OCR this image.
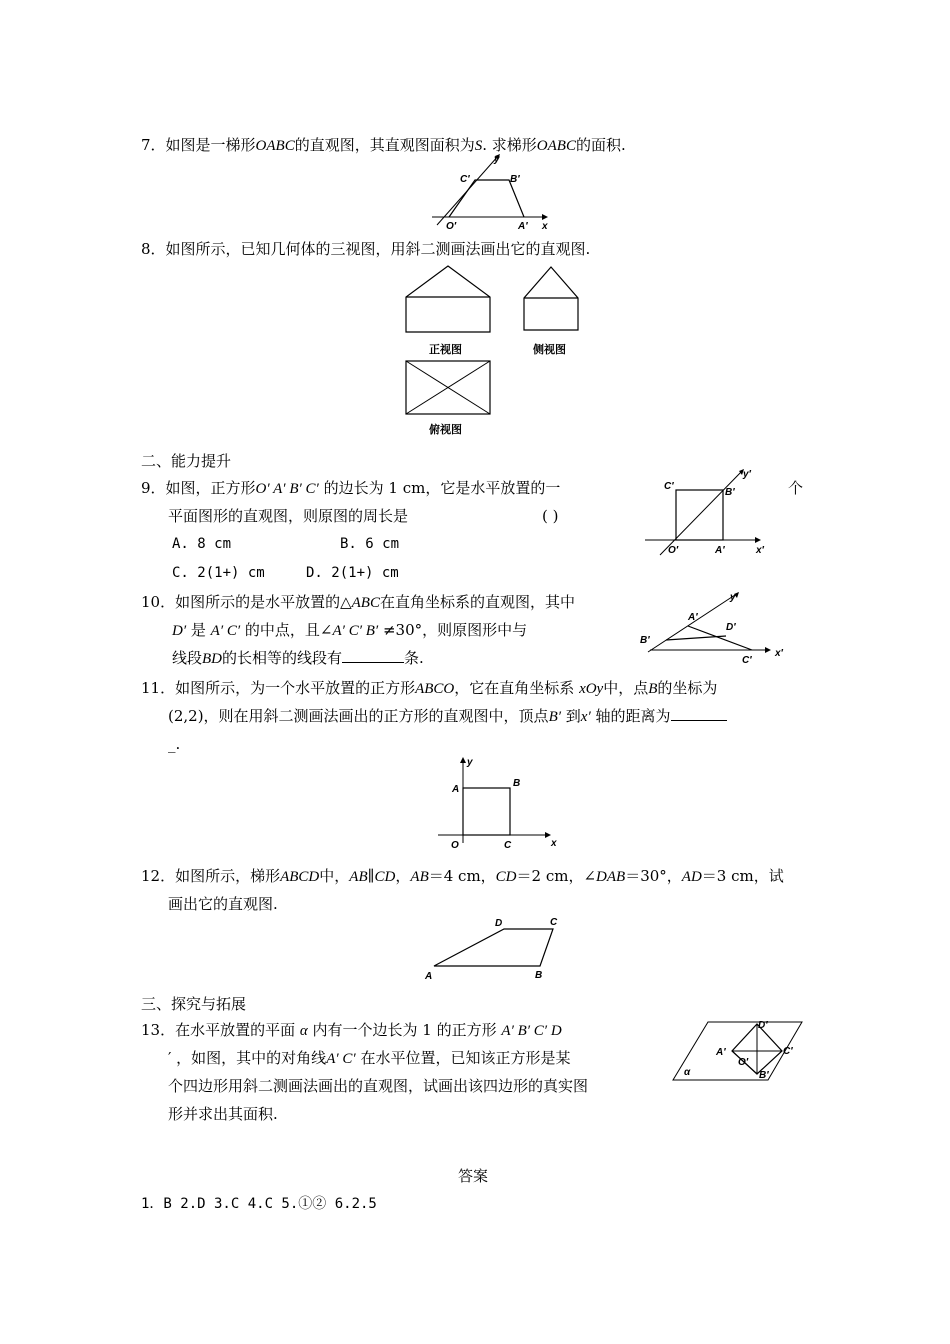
7．如图是一梯形OABC的直观图，其直观图面积为S. 求梯形OABC的面积.
y
C′	B′
O′	A′ x
8．如图所示，已知几何体的三视图，用斜二测画法画出它的直观图.
正视图	侧视图
俯视图
二、能力提升
9．如图，正方形O′ A′ B′ C′ 的边长为 1 cm，它是水平放置的一	个
平面图形的直观图，则原图的周长是	( )
A. 8 cm	B. 6 cm
C. 2(1+) cm	D. 2(1+) cm
C′
B′
O′	A′	x′
y′
10．如图所示的是水平放置的△ABC在直角坐标系的直观图，其中
D′ 是 A′ C′ 的中点，且∠A′ C′ B′ ≠30°，则原图形中与
线段BD的长相等的线段有	条.
A′
y′
D′
B′
C′
x′
11．如图所示，为一个水平放置的正方形ABCO，它在直角坐标系 xOy中，点B的坐标为
(2,2)，则在用斜二测画法画出的正方形的直观图中，顶点B′ 到x′ 轴的距离为
_.
y
A
B
O	C	x
12．如图所示，梯形ABCD中，AB∥CD，AB＝4 cm，CD＝2 cm，∠DAB＝30°，AD＝3 cm，试
画出它的直观图.
D	C
A	B
三、探究与拓展
13．在水平放置的平面 α 内有一个边长为 1 的正方形 A′ B′ C′ D
′ ，如图，其中的对角线A′ C′ 在水平位置，已知该正方形是某
个四边形用斜二测画法画出的直观图，试画出该四边形的真实图
形并求出其面积.
D′
A′
O′
C′
B′
α
答案
1．B 2.D 3.C 4.C 5.①② 6.2.5
